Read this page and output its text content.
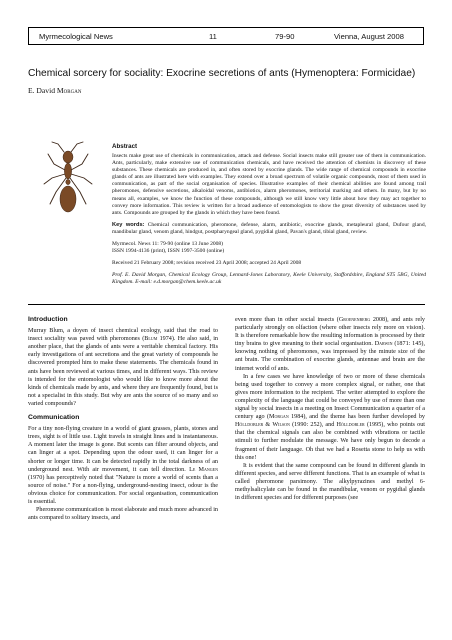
Myrmecological News	11	79-90	Vienna, August 2008
Chemical sorcery for sociality: Exocrine secretions of ants (Hymenoptera: Formicidae)
E. David Morgan

Abstract

Insects make great use of chemicals in communication, attack and defense. Social insects make still greater use of them in communication. Ants, particularly, make extensive use of communication chemicals, and have received the attention of chemists in discovery of these substances. These chemicals are produced in, and often stored by exocrine glands. The wide range of chemical compounds in exocrine glands of ants are illustrated here with examples. They extend over a broad spectrum of volatile organic compounds, most of them used in communication, as part of the social organisation of species. Illustrative examples of their chemical abilities are found among trail pheromones, defensive secretions, alkaloidal venoms, antibiotics, alarm pheromones, territorial marking and others. In many, but by no means all, examples, we know the function of these compounds, although we still know very little about how they may act together to convey more information. This review is written for a broad audience of entomologists to show the great diversity of substances used by ants. Compounds are grouped by the glands in which they have been found.

Key words: Chemical communication, pheromone, defense, alarm, antibiotic, exocrine glands, metapleural gland, Dufour gland, mandibular gland, venom gland, hindgut, postpharyngeal gland, pygidial gland, Pavan's gland, tibial gland, review.

Myrmecol. News 11: 79-90 (online 13 June 2008)

ISSN 1994-4136 (print), ISSN 1997-3500 (online)

Received 21 February 2008; revision received 23 April 2008; accepted 24 April 2008

Prof. E. David Morgan, Chemical Ecology Group, Lennard-Jones Laboratory, Keele University, Staffordshire, England ST5 5BG, United Kingdom. E-mail: e.d.morgan@chem.keele.ac.uk

Introduction

Murray Blum, a doyen of insect chemical ecology, said that the road to insect sociality was paved with pheromones (Blum 1974). He also said, in another place, that the glands of ants were a veritable chemical factory. His early investigations of ant secretions and the great variety of compounds he discovered prompted him to make these statements. The chemicals found in ants have been reviewed at various times, and in different ways. This review is intended for the entomologist who would like to know more about the kinds of chemicals made by ants, and where they are frequently found, but is not a specialist in this study. But why are ants the source of so many and so varied compounds?

Communication

For a tiny non-flying creature in a world of giant grasses, plants, stones and trees, sight is of little use. Light travels in straight lines and is instantaneous. A moment later the image is gone. But scents can filter around objects, and can linger at a spot. Depending upon the odour used, it can linger for a shorter or longer time. It can be detected rapidly in the total darkness of an underground nest. With air movement, it can tell direction. Le Mangen (1970) has perceptively noted that "Nature is more a world of scents than a source of noise." For a non-flying, underground-nesting insect, odour is the obvious choice for communication. For social organisation, communication is essential.

Pheromone communication is most elaborate and much more advanced in ants compared to solitary insects, and

even more than in other social insects (Groenenberg 2008), and ants rely particularly strongly on olfaction (where other insects rely more on vision). It is therefore remarkable how the resulting information is processed by their tiny brains to give meaning to their social organisation. Darwin (1871: 145), knowing nothing of pheromones, was impressed by the minute size of the ant brain. The combination of exocrine glands, antennae and brain are the internet world of ants.

In a few cases we have knowledge of two or more of these chemicals being used together to convey a more complex signal, or rather, one that gives more information to the recipient. The writer attempted to explore the complexity of the language that could be conveyed by use of more than one signal by social insects in a meeting on Insect Communication a quarter of a century ago (Morgan 1984), and the theme has been further developed by Hölldobler & Wilson (1990: 252), and Hölldobler (1995), who points out that the chemical signals can also be combined with vibrations or tactile stimuli to further modulate the message. We have only begun to decode a fragment of their language. Oh that we had a Rosetta stone to help us with this one!

It is evident that the same compound can be found in different glands in different species, and serve different functions. That is an example of what is called pheromone parsimony. The alkylpyrazines and methyl 6-methylsalicylate can be found in the mandibular, venom or pygidial glands in different species and for different purposes (see
